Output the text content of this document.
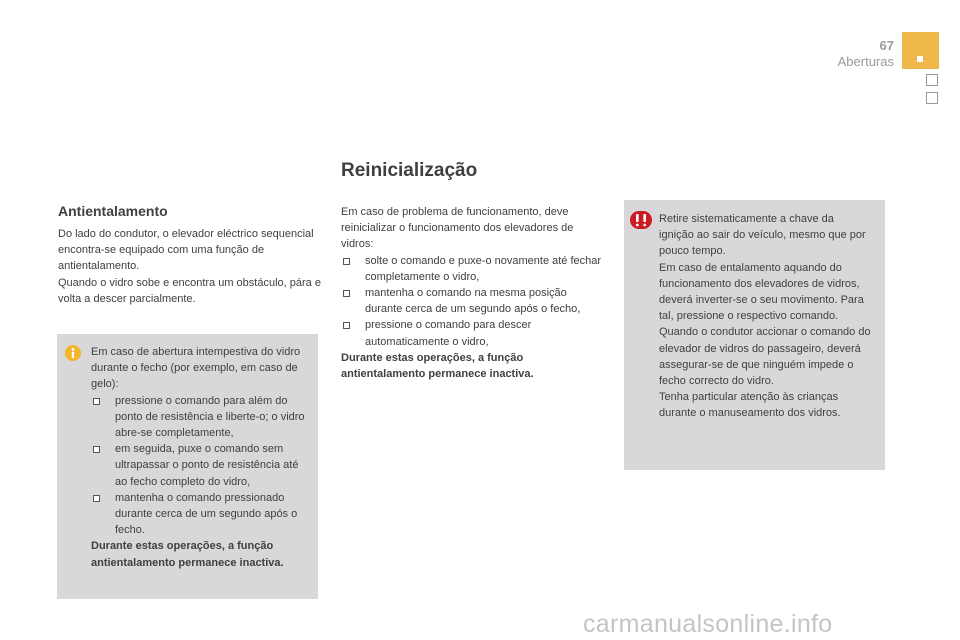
67
Aberturas
Reinicialização
Antientalamento
Do lado do condutor, o elevador eléctrico sequencial encontra-se equipado com uma função de antientalamento.
Quando o vidro sobe e encontra um obstáculo, pára e volta a descer parcialmente.
Em caso de abertura intempestiva do vidro durante o fecho (por exemplo, em caso de gelo):
pressione o comando para além do ponto de resistência e liberte-o; o vidro abre-se completamente,
em seguida, puxe o comando sem ultrapassar o ponto de resistência até ao fecho completo do vidro,
mantenha o comando pressionado durante cerca de um segundo após o fecho.
Durante estas operações, a função antientalamento permanece inactiva.
Em caso de problema de funcionamento, deve reinicializar o funcionamento dos elevadores de vidros:
solte o comando e puxe-o novamente até fechar completamente o vidro,
mantenha o comando na mesma posição durante cerca de um segundo após o fecho,
pressione o comando para descer automaticamente o vidro,
Durante estas operações, a função antientalamento permanece inactiva.
Retire sistematicamente a chave da ignição ao sair do veículo, mesmo que por pouco tempo.
Em caso de entalamento aquando do funcionamento dos elevadores de vidros, deverá inverter-se o seu movimento. Para tal, pressione o respectivo comando.
Quando o condutor accionar o comando do elevador de vidros do passageiro, deverá assegurar-se de que ninguém impede o fecho correcto do vidro.
Tenha particular atenção às crianças durante o manuseamento dos vidros.
carmanualsonline.info
